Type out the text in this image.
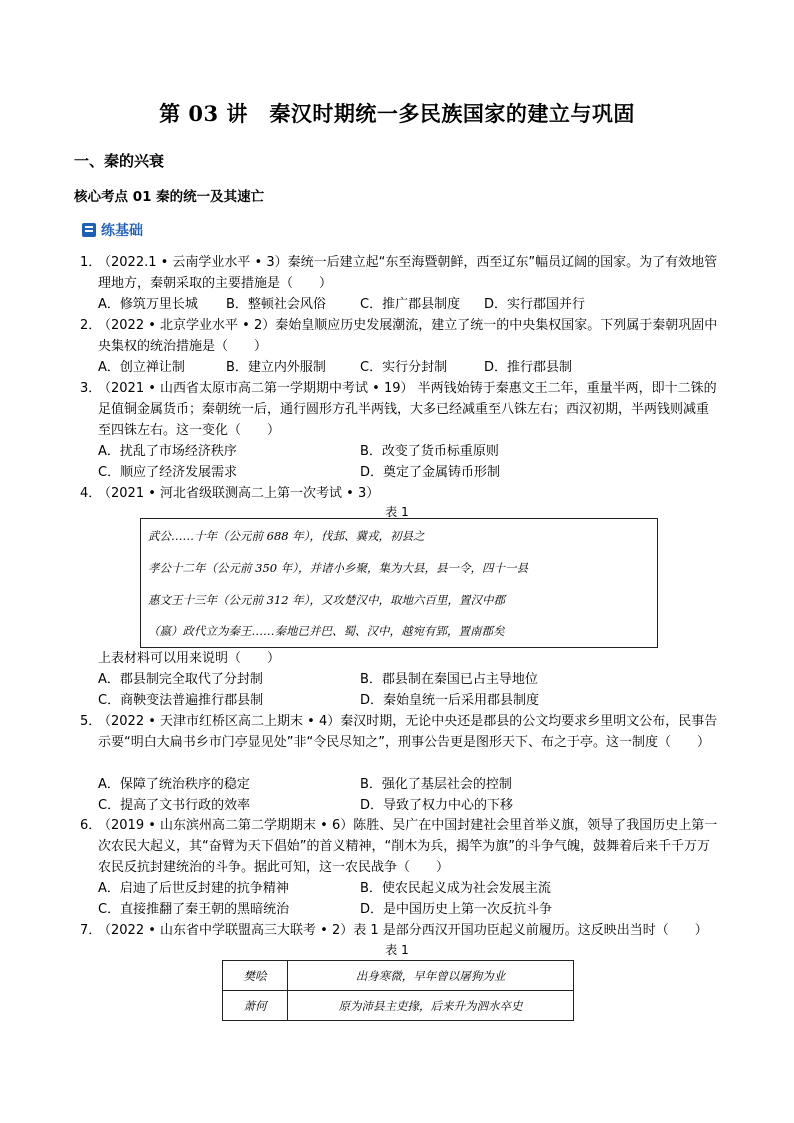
第 03 讲　秦汉时期统一多民族国家的建立与巩固
一、秦的兴衰
核心考点 01 秦的统一及其速亡
练基础
1．
（2022.1 • 云南学业水平 • 3）秦统一后建立起“东至海暨朝鲜，西至辽东”幅员辽阔的国家。为了有效地管理地方，秦朝采取的主要措施是（　　）
A．修筑万里长城 B．整顿社会风俗	C．推广郡县制度 D．实行郡国并行
2．
（2022 • 北京学业水平 • 2）秦始皇顺应历史发展潮流，建立了统一的中央集权国家。下列属于秦朝巩固中央集权的统治措施是（　　）
A．创立禅让制	B．建立内外服制	C．实行分封制	D．推行郡县制
3．
（2021 • 山西省太原市高二第一学期期中考试 • 19） 半两钱始铸于秦惠文王二年，重量半两，即十二铢的足值铜金属货币；秦朝统一后，通行圆形方孔半两钱，大多已经减重至八铢左右；西汉初期，半两钱则减重至四铢左右。这一变化（　　）
A．扰乱了市场经济秩序	B．改变了货币标重原则
C．顺应了经济发展需求	D．奠定了金属铸币形制
4．
（2021 • 河北省级联测高二上第一次考试 • 3）
表 1
武公……十年（公元前 688 年），伐邽、冀戎，初县之
孝公十二年（公元前 350 年），并诸小乡聚，集为大县，县一令，四十一县
惠文王十三年（公元前 312 年），又攻楚汉中，取地六百里，置汉中郡
（嬴）政代立为秦王……秦地已并巴、蜀、汉中，越宛有郢，置南郡矣
上表材料可以用来说明（　　）
A．郡县制完全取代了分封制	B．郡县制在秦国已占主导地位
C．商鞅变法普遍推行郡县制	D．秦始皇统一后采用郡县制度
5．
（2022 • 天津市红桥区高二上期末 • 4）秦汉时期，无论中央还是郡县的公文均要求乡里明文公布，民事告示要“明白大扁书乡市门亭显见处”非“令民尽知之”，刑事公告更是图形天下、布之于亭。这一制度（　　）
A．保障了统治秩序的稳定	B．强化了基层社会的控制
C．提高了文书行政的效率	D．导致了权力中心的下移
6．
（2019 • 山东滨州高二第二学期期末 • 6）陈胜、吴广在中国封建社会里首举义旗，领导了我国历史上第一次农民大起义，其“奋臂为天下倡始”的首义精神，“削木为兵，揭竿为旗”的斗争气魄，鼓舞着后来千千万万农民反抗封建统治的斗争。据此可知，这一农民战争（　　）
A．启迪了后世反封建的抗争精神	B．使农民起义成为社会发展主流
C．直接推翻了秦王朝的黑暗统治	D．是中国历史上第一次反抗斗争
7．
（2022 • 山东省中学联盟高三大联考 • 2）表 1 是部分西汉开国功臣起义前履历。这反映出当时（　　）
表 1
樊哙	出身寒微，早年曾以屠狗为业
萧何	原为沛县主吏掾，后来升为泗水卒史
